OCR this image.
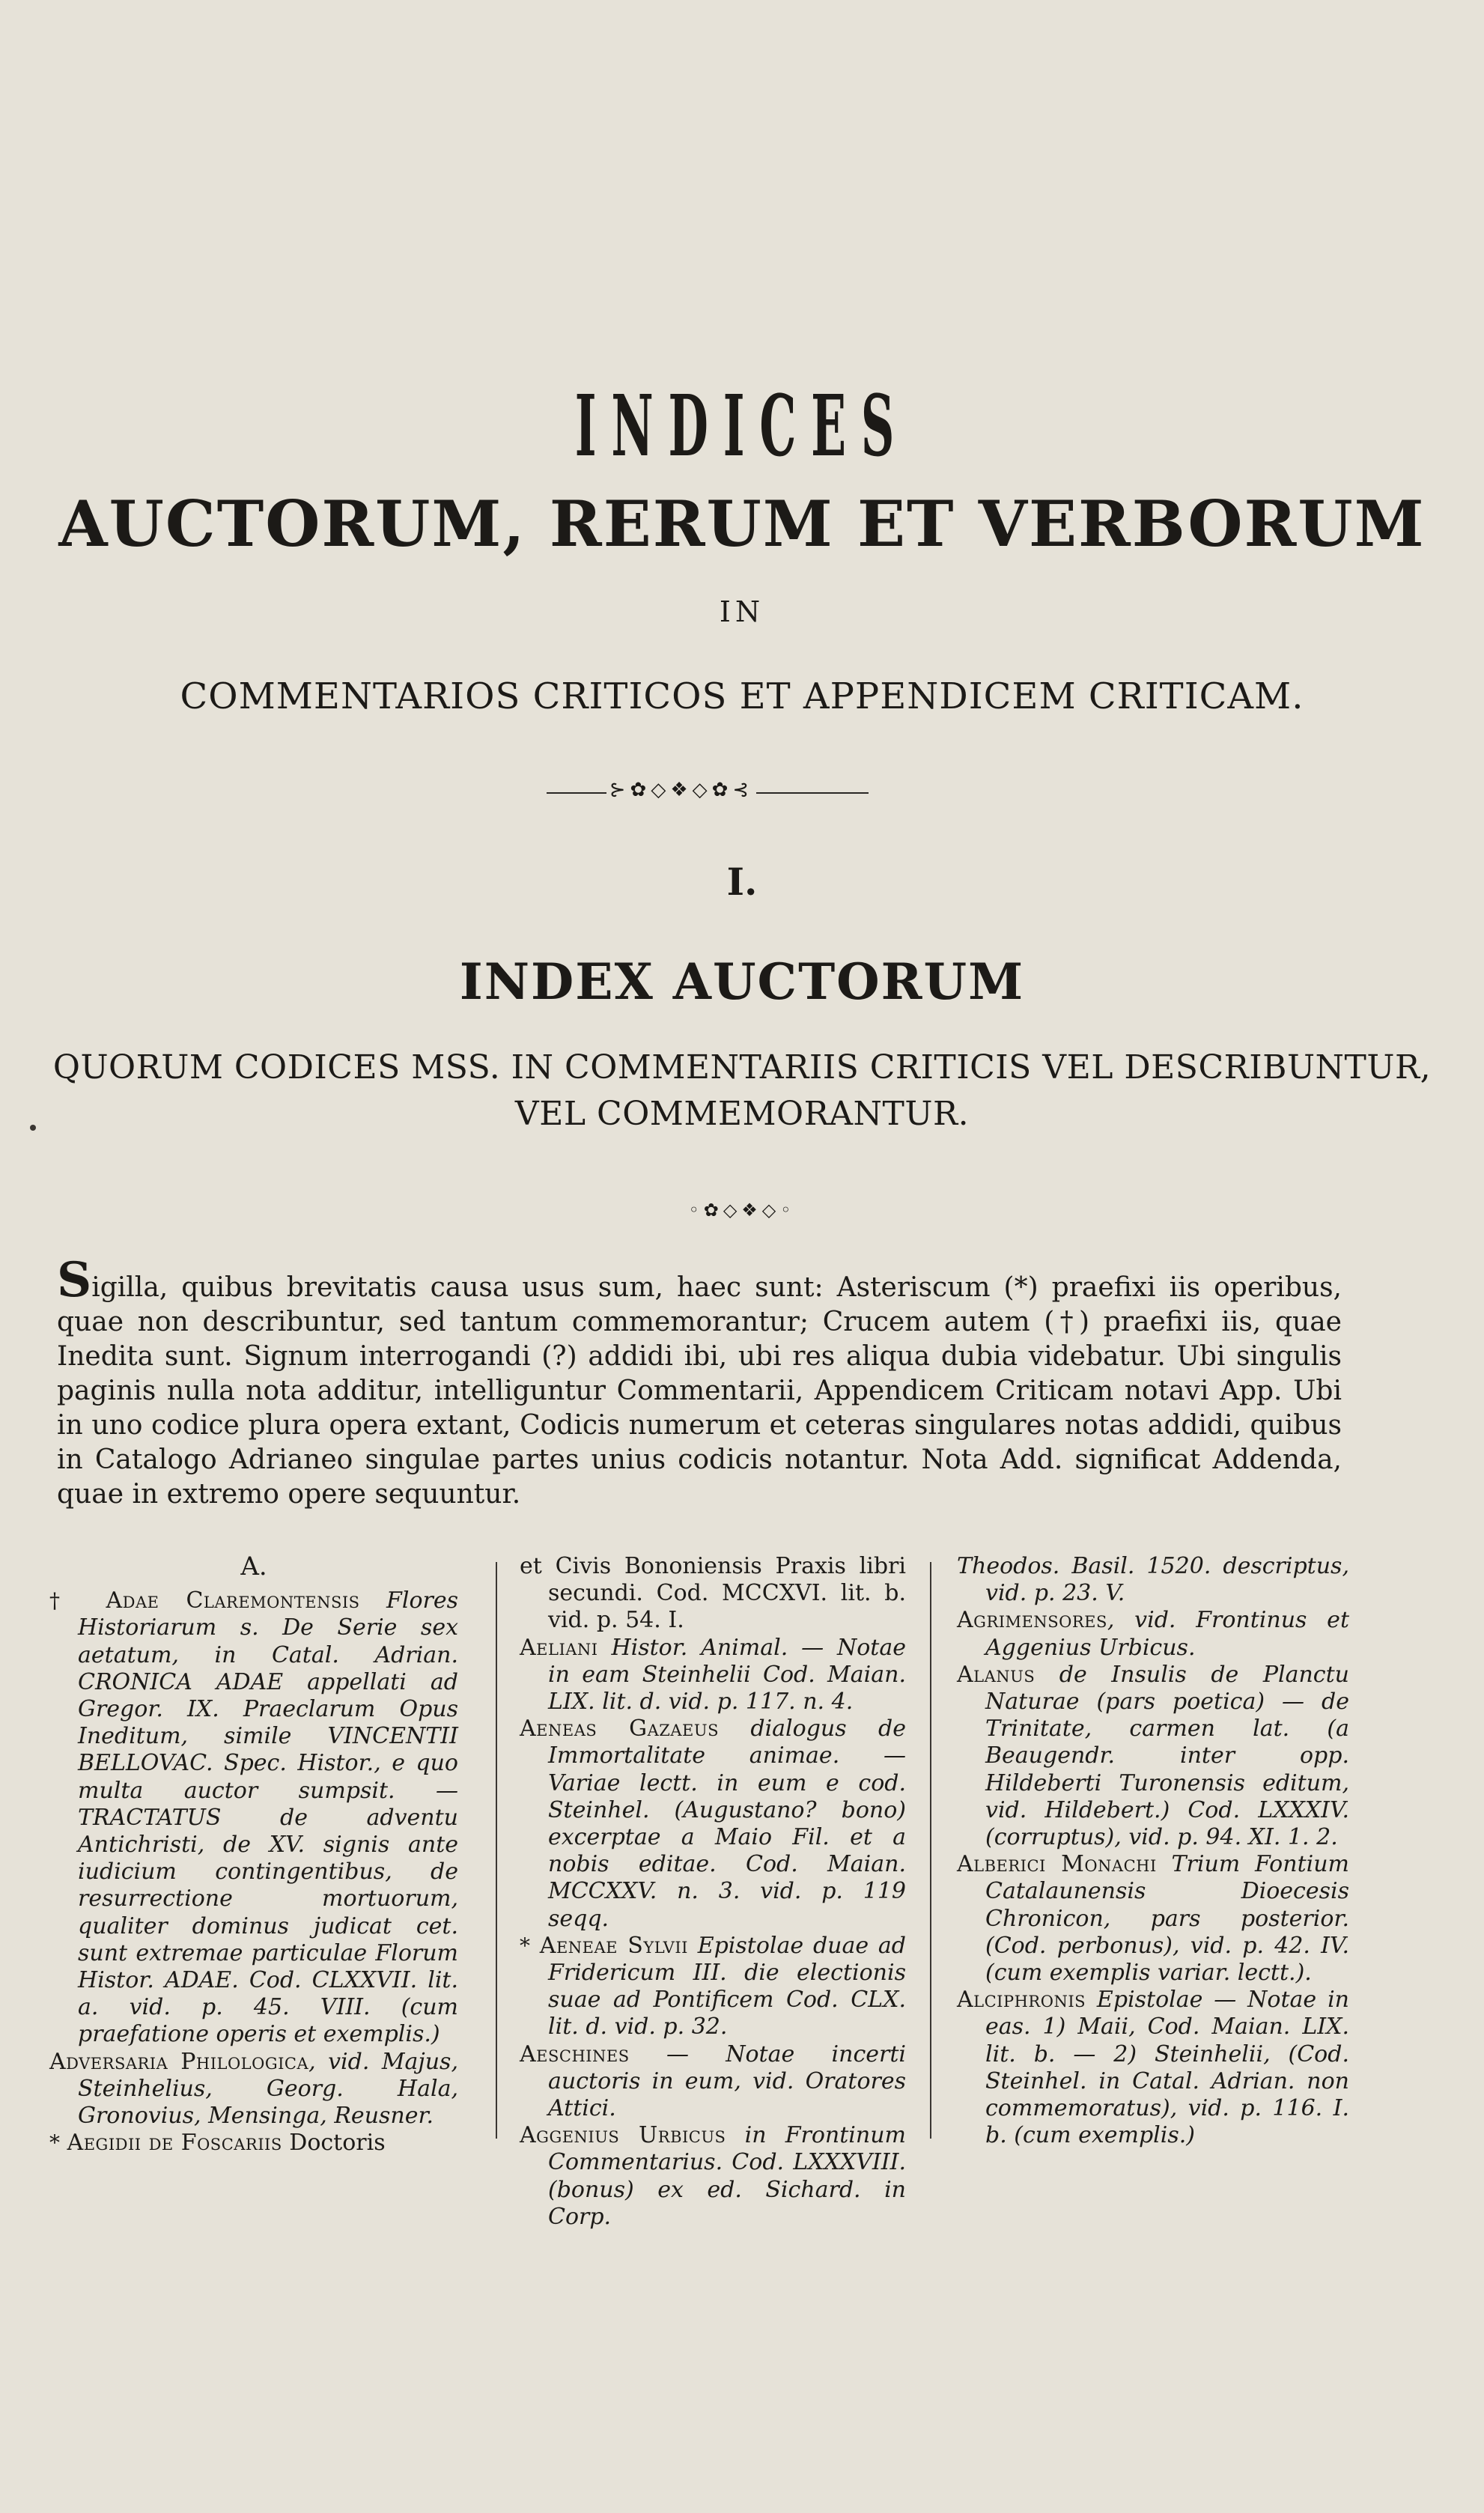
INDICES
AUCTORUM, RERUM ET VERBORUM
IN
COMMENTARIOS CRITICOS ET APPENDICEM CRITICAM.
⊱✿◇❖◇✿⊰
I.
INDEX AUCTORUM
QUORUM CODICES MSS. IN COMMENTARIIS CRITICIS VEL DESCRIBUNTUR,
VEL COMMEMORANTUR.
◦✿◇❖◇◦
Sigilla, quibus brevitatis causa usus sum, haec sunt: Asteriscum (*) praefixi iis operibus, quae non describuntur, sed tantum commemorantur; Crucem autem (†) praefixi iis, quae Inedita sunt. Signum interrogandi (?) addidi ibi, ubi res aliqua dubia videbatur. Ubi singulis paginis nulla nota additur, intelliguntur Commentarii, Appendicem Criticam notavi App. Ubi in uno codice plura opera extant, Codicis numerum et ceteras singulares notas addidi, quibus in Catalogo Adrianeo singulae partes unius codicis notantur. Nota Add. significat Addenda, quae in extremo opere sequuntur.
A.

† Adae Claremontensis Flores Historiarum s. De Serie sex aetatum, in Catal. Adrian. CRONICA ADAE appellati ad Gregor. IX. Praeclarum Opus Ineditum, simile VINCENTII BELLOVAC. Spec. Histor., e quo multa auctor sumpsit. — TRACTATUS de adventu Antichristi, de XV. signis ante iudicium contingentibus, de resurrectione mortuorum, qualiter dominus judicat cet. sunt extremae particulae Florum Histor. ADAE. Cod. CLXXVII. lit. a. vid. p. 45. VIII. (cum praefatione operis et exemplis.)

Adversaria Philologica, vid. Majus, Steinhelius, Georg. Hala, Gronovius, Mensinga, Reusner.

* Aegidii de Foscariis Doctoris

et Civis Bononiensis Praxis libri secundi. Cod. MCCXVI. lit. b. vid. p. 54. I.

Aeliani Histor. Animal. — Notae in eam Steinhelii Cod. Maian. LIX. lit. d. vid. p. 117. n. 4.

Aeneas Gazaeus dialogus de Immortalitate animae. — Variae lectt. in eum e cod. Steinhel. (Augustano? bono) excerptae a Maio Fil. et a nobis editae. Cod. Maian. MCCXXV. n. 3. vid. p. 119 seqq.

* Aeneae Sylvii Epistolae duae ad Fridericum III. die electionis suae ad Pontificem Cod. CLX. lit. d. vid. p. 32.

Aeschines — Notae incerti auctoris in eum, vid. Oratores Attici.

Aggenius Urbicus in Frontinum Commentarius. Cod. LXXXVIII. (bonus) ex ed. Sichard. in Corp.

Theodos. Basil. 1520. descriptus, vid. p. 23. V.

Agrimensores, vid. Frontinus et Aggenius Urbicus.

Alanus de Insulis de Planctu Naturae (pars poetica) — de Trinitate, carmen lat. (a Beaugendr. inter opp. Hildeberti Turonensis editum, vid. Hildebert.) Cod. LXXXIV. (corruptus), vid. p. 94. XI. 1. 2.

Alberici Monachi Trium Fontium Catalaunensis Dioecesis Chronicon, pars posterior. (Cod. perbonus), vid. p. 42. IV. (cum exemplis variar. lectt.).

Alciphronis Epistolae — Notae in eas. 1) Maii, Cod. Maian. LIX. lit. b. — 2) Steinhelii, (Cod. Steinhel. in Catal. Adrian. non commemoratus), vid. p. 116. I. b. (cum exemplis.)
